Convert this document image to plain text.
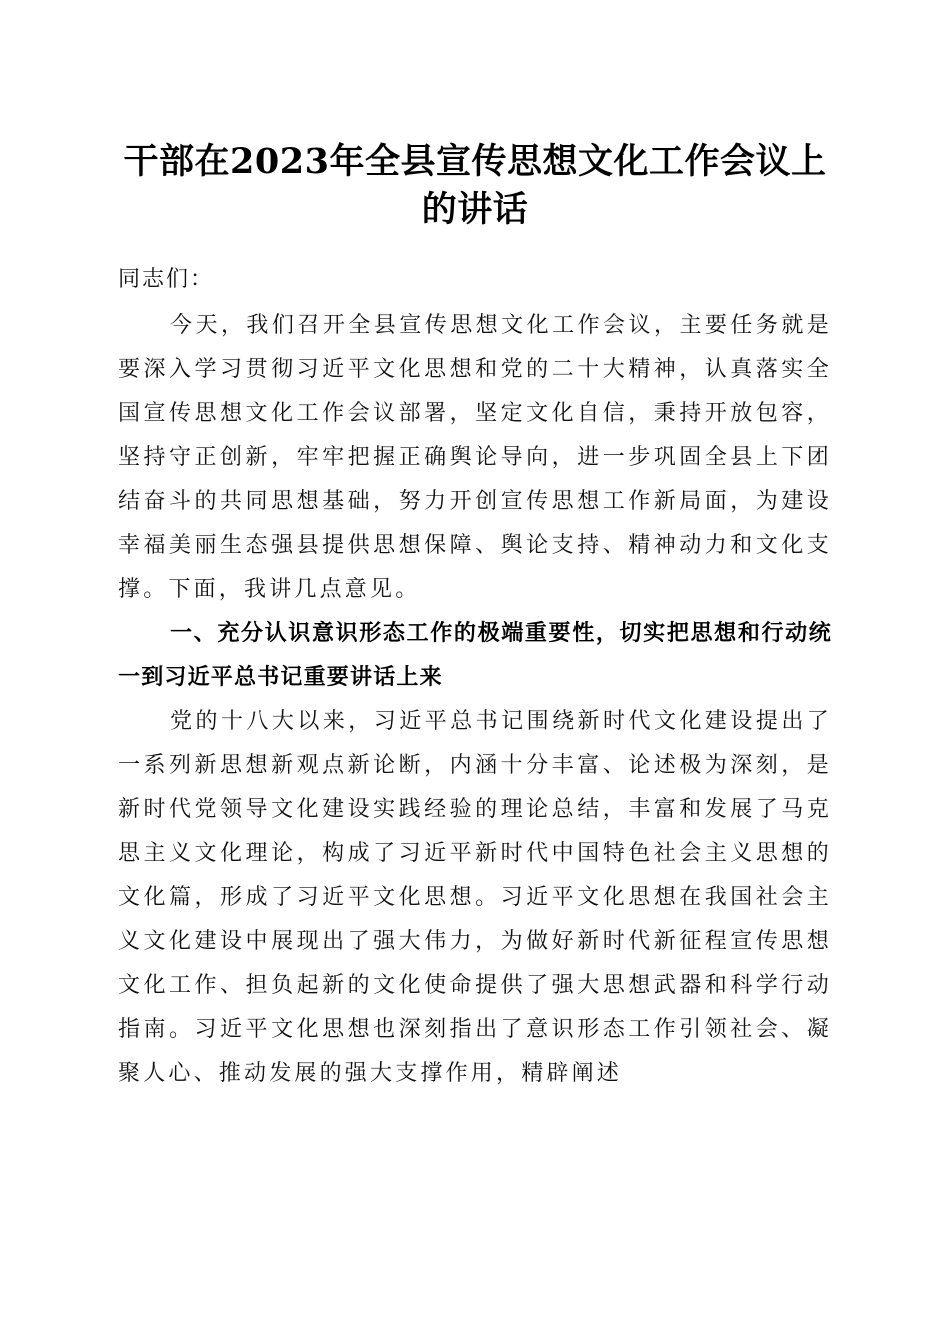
干部在2023年全县宣传思想文化工作会议上的讲话

同志们：

今天，我们召开全县宣传思想文化工作会议，主要任务就是要深入学习贯彻习近平文化思想和党的二十大精神，认真落实全国宣传思想文化工作会议部署，坚定文化自信，秉持开放包容，坚持守正创新，牢牢把握正确舆论导向，进一步巩固全县上下团结奋斗的共同思想基础，努力开创宣传思想工作新局面，为建设幸福美丽生态强县提供思想保障、舆论支持、精神动力和文化支撑。下面，我讲几点意见。

一、充分认识意识形态工作的极端重要性，切实把思想和行动统一到习近平总书记重要讲话上来

党的十八大以来，习近平总书记围绕新时代文化建设提出了一系列新思想新观点新论断，内涵十分丰富、论述极为深刻，是新时代党领导文化建设实践经验的理论总结，丰富和发展了马克思主义文化理论，构成了习近平新时代中国特色社会主义思想的文化篇，形成了习近平文化思想。习近平文化思想在我国社会主义文化建设中展现出了强大伟力，为做好新时代新征程宣传思想文化工作、担负起新的文化使命提供了强大思想武器和科学行动指南。习近平文化思想也深刻指出了意识形态工作引领社会、凝聚人心、推动发展的强大支撑作用，精辟阐述
